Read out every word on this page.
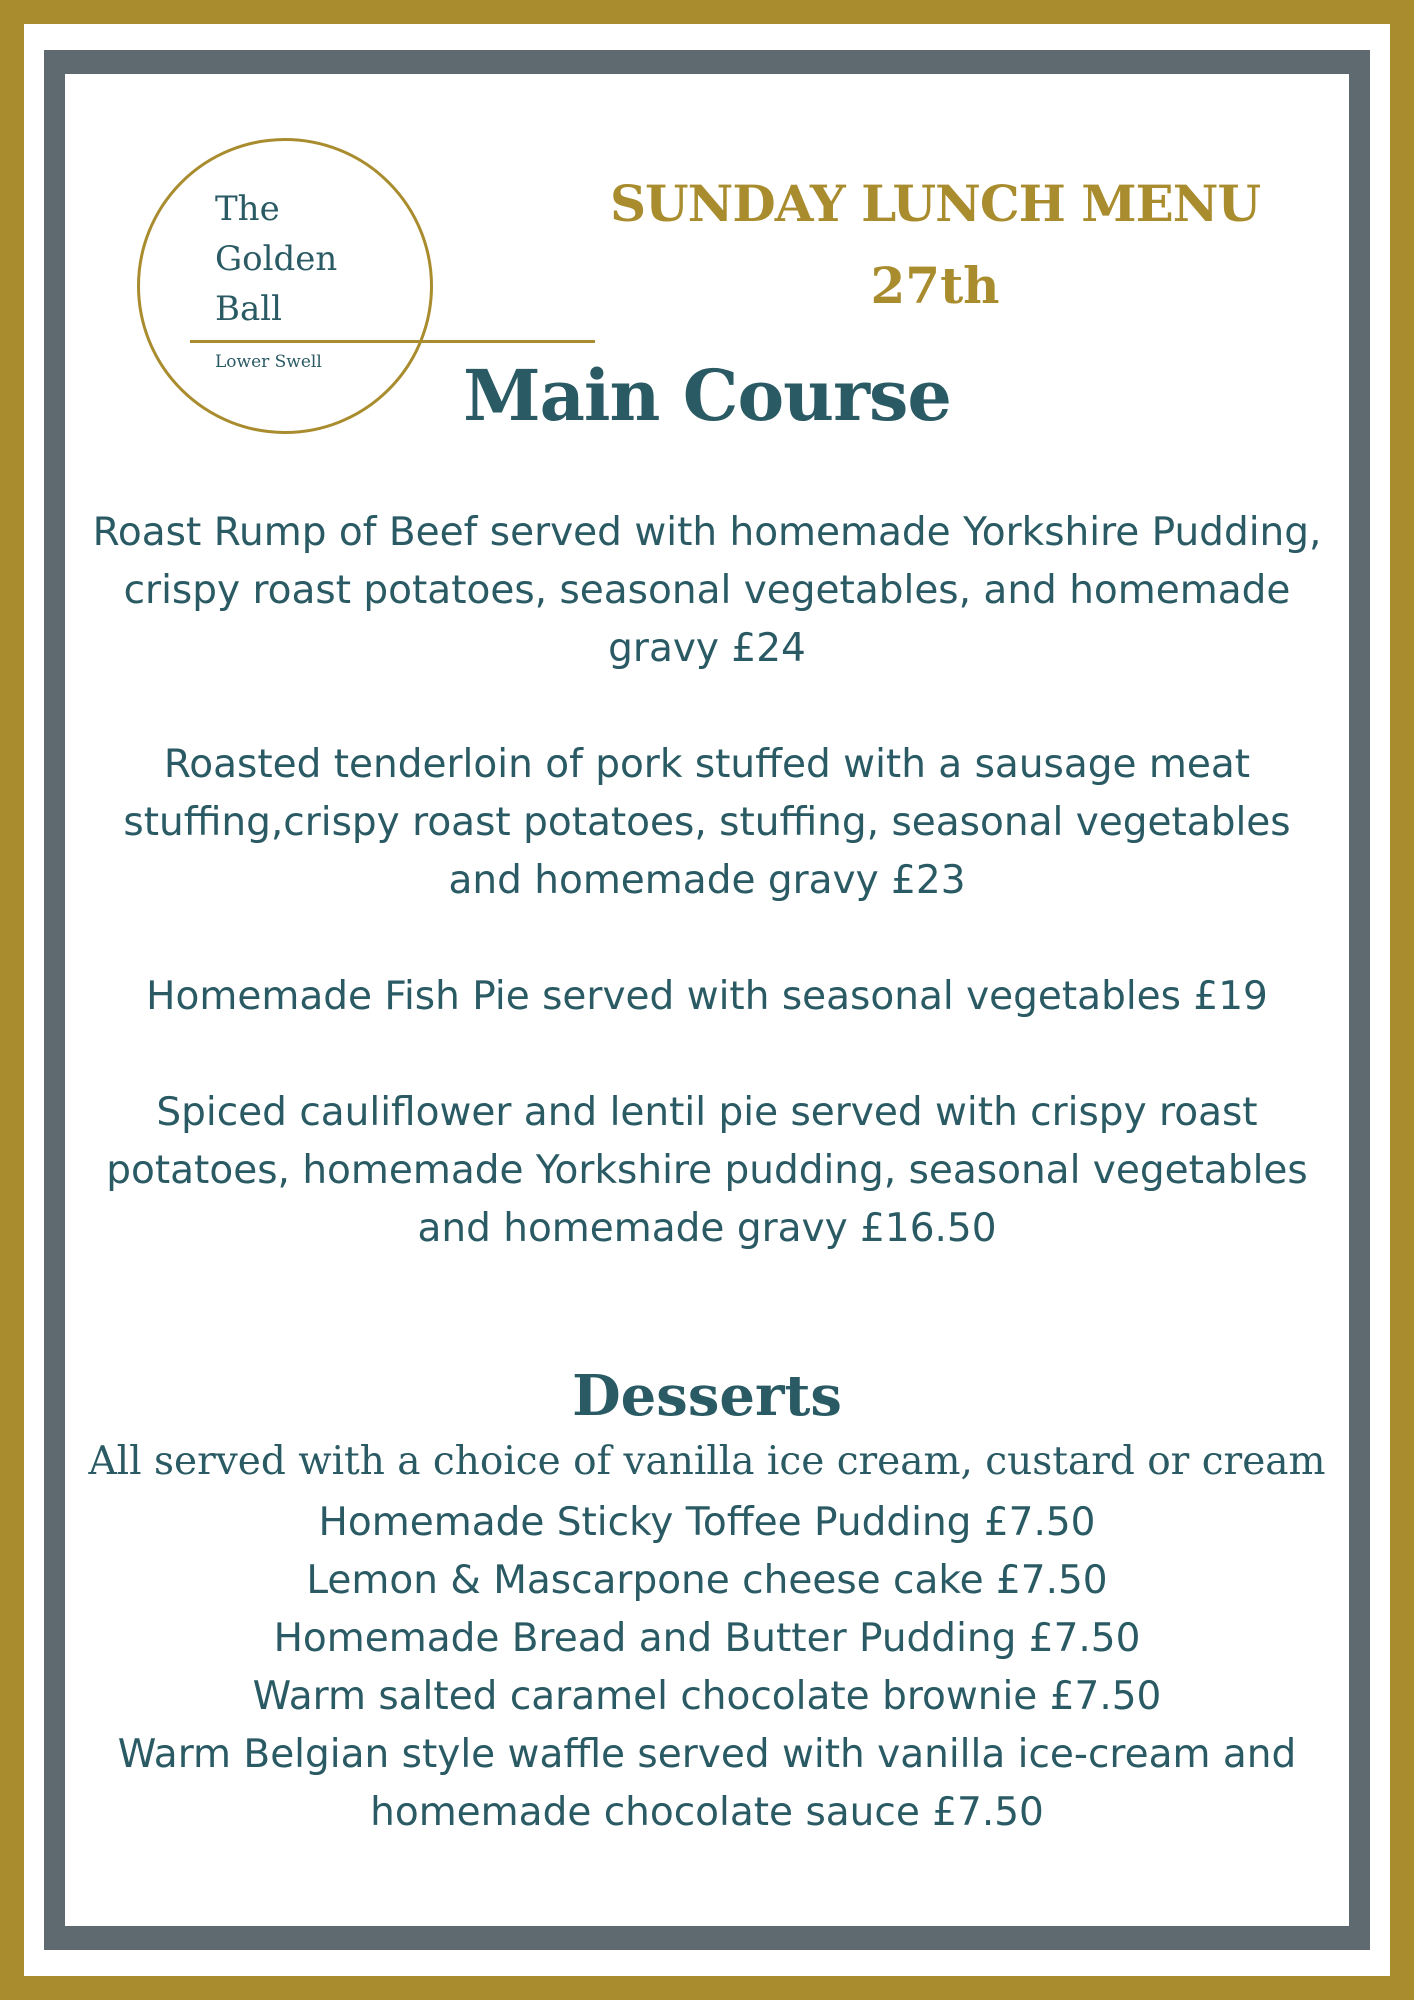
The
Golden
Ball
Lower Swell
SUNDAY LUNCH MENU
27th
Main Course
Roast Rump of Beef served with homemade Yorkshire Pudding, crispy roast potatoes, seasonal vegetables, and homemade gravy £24
Roasted tenderloin of pork stuffed with a sausage meat stuffing,crispy roast potatoes, stuffing, seasonal vegetables and homemade gravy £23
Homemade Fish Pie served with seasonal vegetables £19
Spiced cauliflower and lentil pie served with crispy roast potatoes, homemade Yorkshire pudding, seasonal vegetables and homemade gravy £16.50
Desserts
All served with a choice of vanilla ice cream, custard or cream
Homemade Sticky Toffee Pudding £7.50
Lemon & Mascarpone cheese cake £7.50
Homemade Bread and Butter Pudding £7.50
Warm salted caramel chocolate brownie £7.50
Warm Belgian style waffle served with vanilla ice-cream and homemade chocolate sauce £7.50
